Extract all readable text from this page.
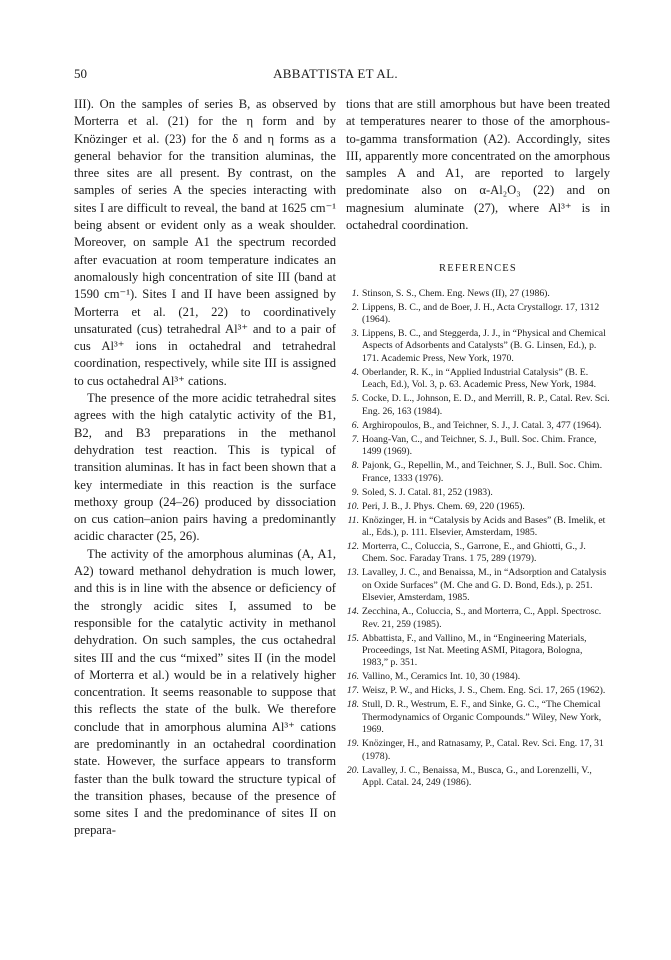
50	ABBATTISTA ET AL.

III). On the samples of series B, as observed by Morterra et al. (21) for the η form and by Knözinger et al. (23) for the δ and η forms as a general behavior for the transition aluminas, the three sites are all present. By contrast, on the samples of series A the species interacting with sites I are difficult to reveal, the band at 1625 cm⁻¹ being absent or evident only as a weak shoulder. Moreover, on sample A1 the spectrum recorded after evacuation at room temperature indicates an anomalously high concentration of site III (band at 1590 cm⁻¹). Sites I and II have been assigned by Morterra et al. (21, 22) to coordinatively unsaturated (cus) tetrahedral Al³⁺ and to a pair of cus Al³⁺ ions in octahedral and tetrahedral coordination, respectively, while site III is assigned to cus octahedral Al³⁺ cations.

The presence of the more acidic tetrahedral sites agrees with the high catalytic activity of the B1, B2, and B3 preparations in the methanol dehydration test reaction. This is typical of transition aluminas. It has in fact been shown that a key intermediate in this reaction is the surface methoxy group (24–26) produced by dissociation on cus cation–anion pairs having a predominantly acidic character (25, 26).

The activity of the amorphous aluminas (A, A1, A2) toward methanol dehydration is much lower, and this is in line with the absence or deficiency of the strongly acidic sites I, assumed to be responsible for the catalytic activity in methanol dehydration. On such samples, the cus octahedral sites III and the cus “mixed” sites II (in the model of Morterra et al.) would be in a relatively higher concentration. It seems reasonable to suppose that this reflects the state of the bulk. We therefore conclude that in amorphous alumina Al³⁺ cations are predominantly in an octahedral coordination state. However, the surface appears to transform faster than the bulk toward the structure typical of the transition phases, because of the presence of some sites I and the predominance of sites II on prepara-

tions that are still amorphous but have been treated at temperatures nearer to those of the amorphous-to-gamma transformation (A2). Accordingly, sites III, apparently more concentrated on the amorphous samples A and A1, are reported to largely predominate also on α-Al₂O₃ (22) and on magnesium aluminate (27), where Al³⁺ is in octahedral coordination.

REFERENCES
1 . Stinson, S. S., Chem. Eng. News (II), 27 (1986).
2 . Lippens, B. C., and de Boer, J. H., Acta Crystallogr. 17, 1312 (1964).
3 . Lippens, B. C., and Steggerda, J. J., in “Physical and Chemical Aspects of Adsorbents and Catalysts” (B. G. Linsen, Ed.), p. 171. Academic Press, New York, 1970.
4 . Oberlander, R. K., in “Applied Industrial Catalysis” (B. E. Leach, Ed.), Vol. 3, p. 63. Academic Press, New York, 1984.
5 . Cocke, D. L., Johnson, E. D., and Merrill, R. P., Catal. Rev. Sci. Eng. 26, 163 (1984).
6 . Arghiropoulos, B., and Teichner, S. J., J. Catal. 3, 477 (1964).
7 . Hoang-Van, C., and Teichner, S. J., Bull. Soc. Chim. France, 1499 (1969).
8 . Pajonk, G., Repellin, M., and Teichner, S. J., Bull. Soc. Chim. France, 1333 (1976).
9 . Soled, S. J. Catal. 81, 252 (1983).
10 . Peri, J. B., J. Phys. Chem. 69, 220 (1965).
11 . Knözinger, H. in “Catalysis by Acids and Bases” (B. Imelik, et al., Eds.), p. 111. Elsevier, Amsterdam, 1985.
12 . Morterra, C., Coluccia, S., Garrone, E., and Ghiotti, G., J. Chem. Soc. Faraday Trans. 1 75, 289 (1979).
13 . Lavalley, J. C., and Benaissa, M., in “Adsorption and Catalysis on Oxide Surfaces” (M. Che and G. D. Bond, Eds.), p. 251. Elsevier, Amsterdam, 1985.
14 . Zecchina, A., Coluccia, S., and Morterra, C., Appl. Spectrosc. Rev. 21, 259 (1985).
15 . Abbattista, F., and Vallino, M., in “Engineering Materials, Proceedings, 1st Nat. Meeting ASMI, Pitagora, Bologna, 1983,” p. 351.
16 . Vallino, M., Ceramics Int. 10, 30 (1984).
17 . Weisz, P. W., and Hicks, J. S., Chem. Eng. Sci. 17, 265 (1962).
18 . Stull, D. R., Westrum, E. F., and Sinke, G. C., “The Chemical Thermodynamics of Organic Compounds.” Wiley, New York, 1969.
19 . Knözinger, H., and Ratnasamy, P., Catal. Rev. Sci. Eng. 17, 31 (1978).
20 . Lavalley, J. C., Benaissa, M., Busca, G., and Lorenzelli, V., Appl. Catal. 24, 249 (1986).
